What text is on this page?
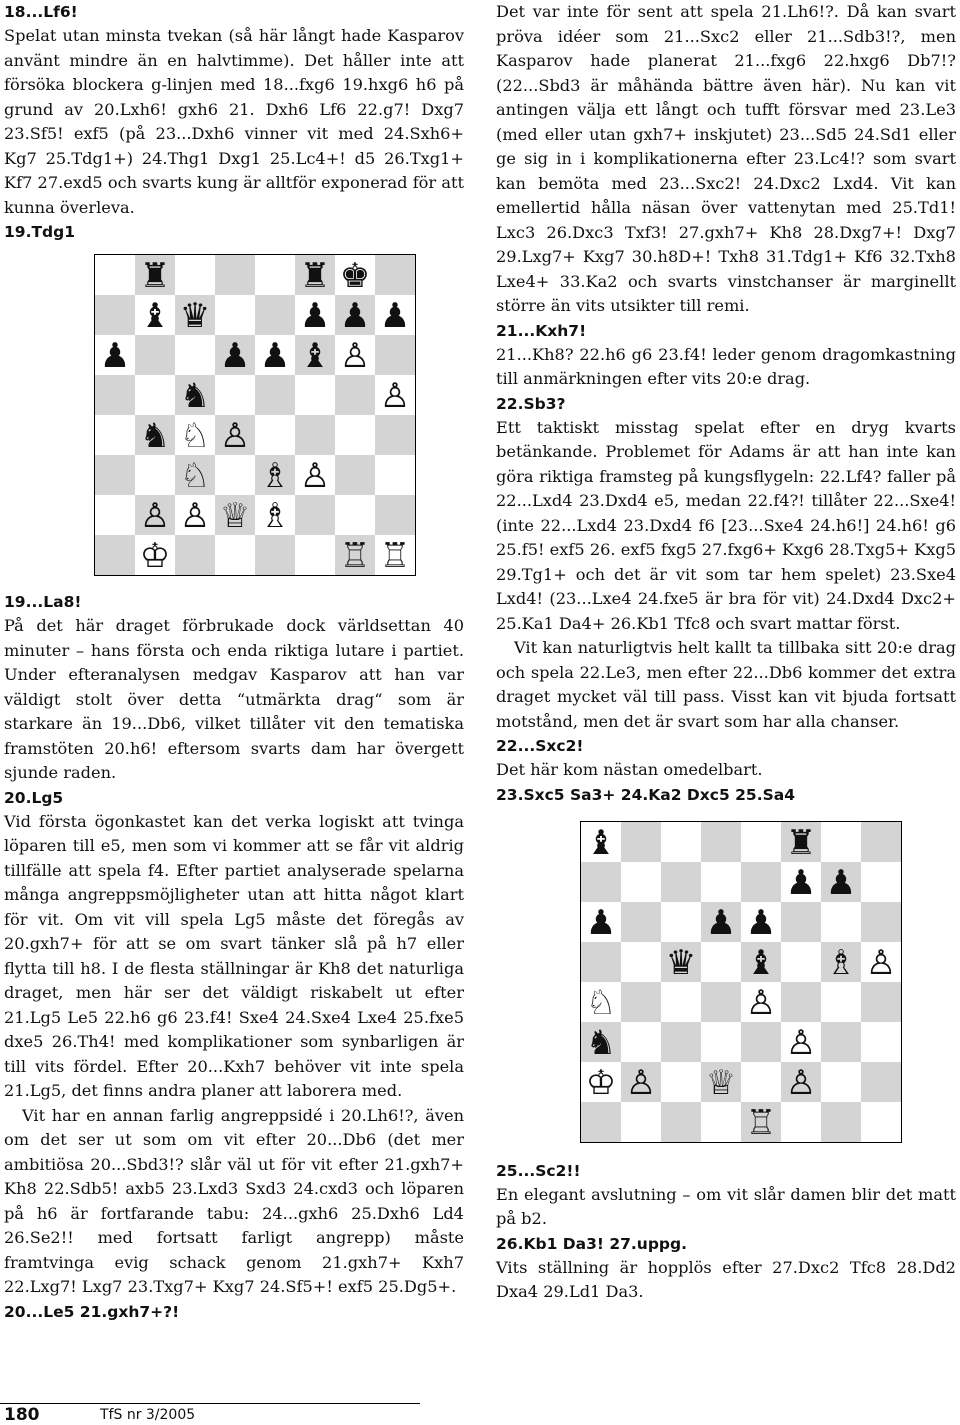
18...Lf6!

Spelat utan minsta tvekan (så här långt hade Kasparov använt mindre än en halvtimme). Det håller inte att försöka blockera g-linjen med 18...fxg6 19.hxg6 h6 på grund av 20.Lxh6! gxh6 21. Dxh6 Lf6 22.g7! Dxg7 23.Sf5! exf5 (på 23...Dxh6 vinner vit med 24.Sxh6+ Kg7 25.Tdg1+) 24.Thg1 Dxg1 25.Lc4+! d5 26.Txg1+ Kf7 27.exd5 och svarts kung är alltför exponerad för att kunna överleva.

19.Tdg1

♜	♜ ♚
♝ ♛	♟ ♟ ♟
♟	♟ ♟ ♝ ♙
♞	♙
♞ ♘ ♙
♘ ♗ ♙
♙ ♙ ♕ ♗
♔	♖ ♖

19...La8!

På det här draget förbrukade dock världsettan 40 minuter – hans första och enda riktiga lutare i partiet. Under efteranalysen medgav Kasparov att han var väldigt stolt över detta “utmärkta drag“ som är starkare än 19...Db6, vilket tillåter vit den tematiska framstöten 20.h6! eftersom svarts dam har övergett sjunde raden.

20.Lg5

Vid första ögonkastet kan det verka logiskt att tvinga löparen till e5, men som vi kommer att se får vit aldrig tillfälle att spela f4. Efter partiet analyserade spelarna många angreppsmöjligheter utan att hitta något klart för vit. Om vit vill spela Lg5 måste det föregås av 20.gxh7+ för att se om svart tänker slå på h7 eller flytta till h8. I de flesta ställningar är Kh8 det naturliga draget, men här ser det väldigt riskabelt ut efter 21.Lg5 Le5 22.h6 g6 23.f4! Sxe4 24.Sxe4 Lxe4 25.fxe5 dxe5 26.Th4! med komplikationer som synbarligen är till vits fördel. Efter 20...Kxh7 behöver vit inte spela 21.Lg5, det finns andra planer att laborera med.

Vit har en annan farlig angreppsidé i 20.Lh6!?, även om det ser ut som om vit efter 20...Db6 (det mer ambitiösa 20...Sbd3!? slår väl ut för vit efter 21.gxh7+ Kh8 22.Sdb5! axb5 23.Lxd3 Sxd3 24.cxd3 och löparen på h6 är fortfarande tabu: 24...gxh6 25.Dxh6 Ld4 26.Se2!! med fortsatt farligt angrepp) måste framtvinga evig schack genom 21.gxh7+ Kxh7 22.Lxg7! Lxg7 23.Txg7+ Kxg7 24.Sf5+! exf5 25.Dg5+.

20...Le5 21.gxh7+?!

Det var inte för sent att spela 21.Lh6!?. Då kan svart pröva idéer som 21...Sxc2 eller 21...Sdb3!?, men Kasparov hade planerat 21...fxg6 22.hxg6 Db7!? (22...Sbd3 är måhända bättre även här). Nu kan vit antingen välja ett långt och tufft försvar med 23.Le3 (med eller utan gxh7+ inskjutet) 23...Sd5 24.Sd1 eller ge sig in i komplikationerna efter 23.Lc4!? som svart kan bemöta med 23...Sxc2! 24.Dxc2 Lxd4. Vit kan emellertid hålla näsan över vattenytan med 25.Td1! Lxc3 26.Dxc3 Txf3! 27.gxh7+ Kh8 28.Dxg7+! Dxg7 29.Lxg7+ Kxg7 30.h8D+! Txh8 31.Tdg1+ Kf6 32.Txh8 Lxe4+ 33.Ka2 och svarts vinstchanser är marginellt större än vits utsikter till remi.

21...Kxh7!

21...Kh8? 22.h6 g6 23.f4! leder genom dragomkastning till anmärkningen efter vits 20:e drag.

22.Sb3?

Ett taktiskt misstag spelat efter en dryg kvarts betänkande. Problemet för Adams är att han inte kan göra riktiga framsteg på kungsflygeln: 22.Lf4? faller på 22...Lxd4 23.Dxd4 e5, medan 22.f4?! tillåter 22...Sxe4! (inte 22...Lxd4 23.Dxd4 f6 [23...Sxe4 24.h6!] 24.h6! g6 25.f5! exf5 26. exf5 fxg5 27.fxg6+ Kxg6 28.Txg5+ Kxg5 29.Tg1+ och det är vit som tar hem spelet) 23.Sxe4 Lxd4! (23...Lxe4 24.fxe5 är bra för vit) 24.Dxd4 Dxc2+ 25.Ka1 Da4+ 26.Kb1 Tfc8 och svart mattar först.

Vit kan naturligtvis helt kallt ta tillbaka sitt 20:e drag och spela 22.Le3, men efter 22...Db6 kommer det extra draget mycket väl till pass. Visst kan vit bjuda fortsatt motstånd, men det är svart som har alla chanser.

22...Sxc2!

Det här kom nästan omedelbart.

23.Sxc5 Sa3+ 24.Ka2 Dxc5 25.Sa4

♝	♜
♟ ♟
♟	♟ ♟
♛ ♝ ♗ ♙
♘	♙
♞	♙
♙ ♕ ♙
♔
♖

25...Sc2!!

En elegant avslutning – om vit slår damen blir det matt på b2.

26.Kb1 Da3! 27.uppg.

Vits ställning är hopplös efter 27.Dxc2 Tfc8 28.Dd2 Dxa4 29.Ld1 Da3.

180	TfS nr 3/2005
